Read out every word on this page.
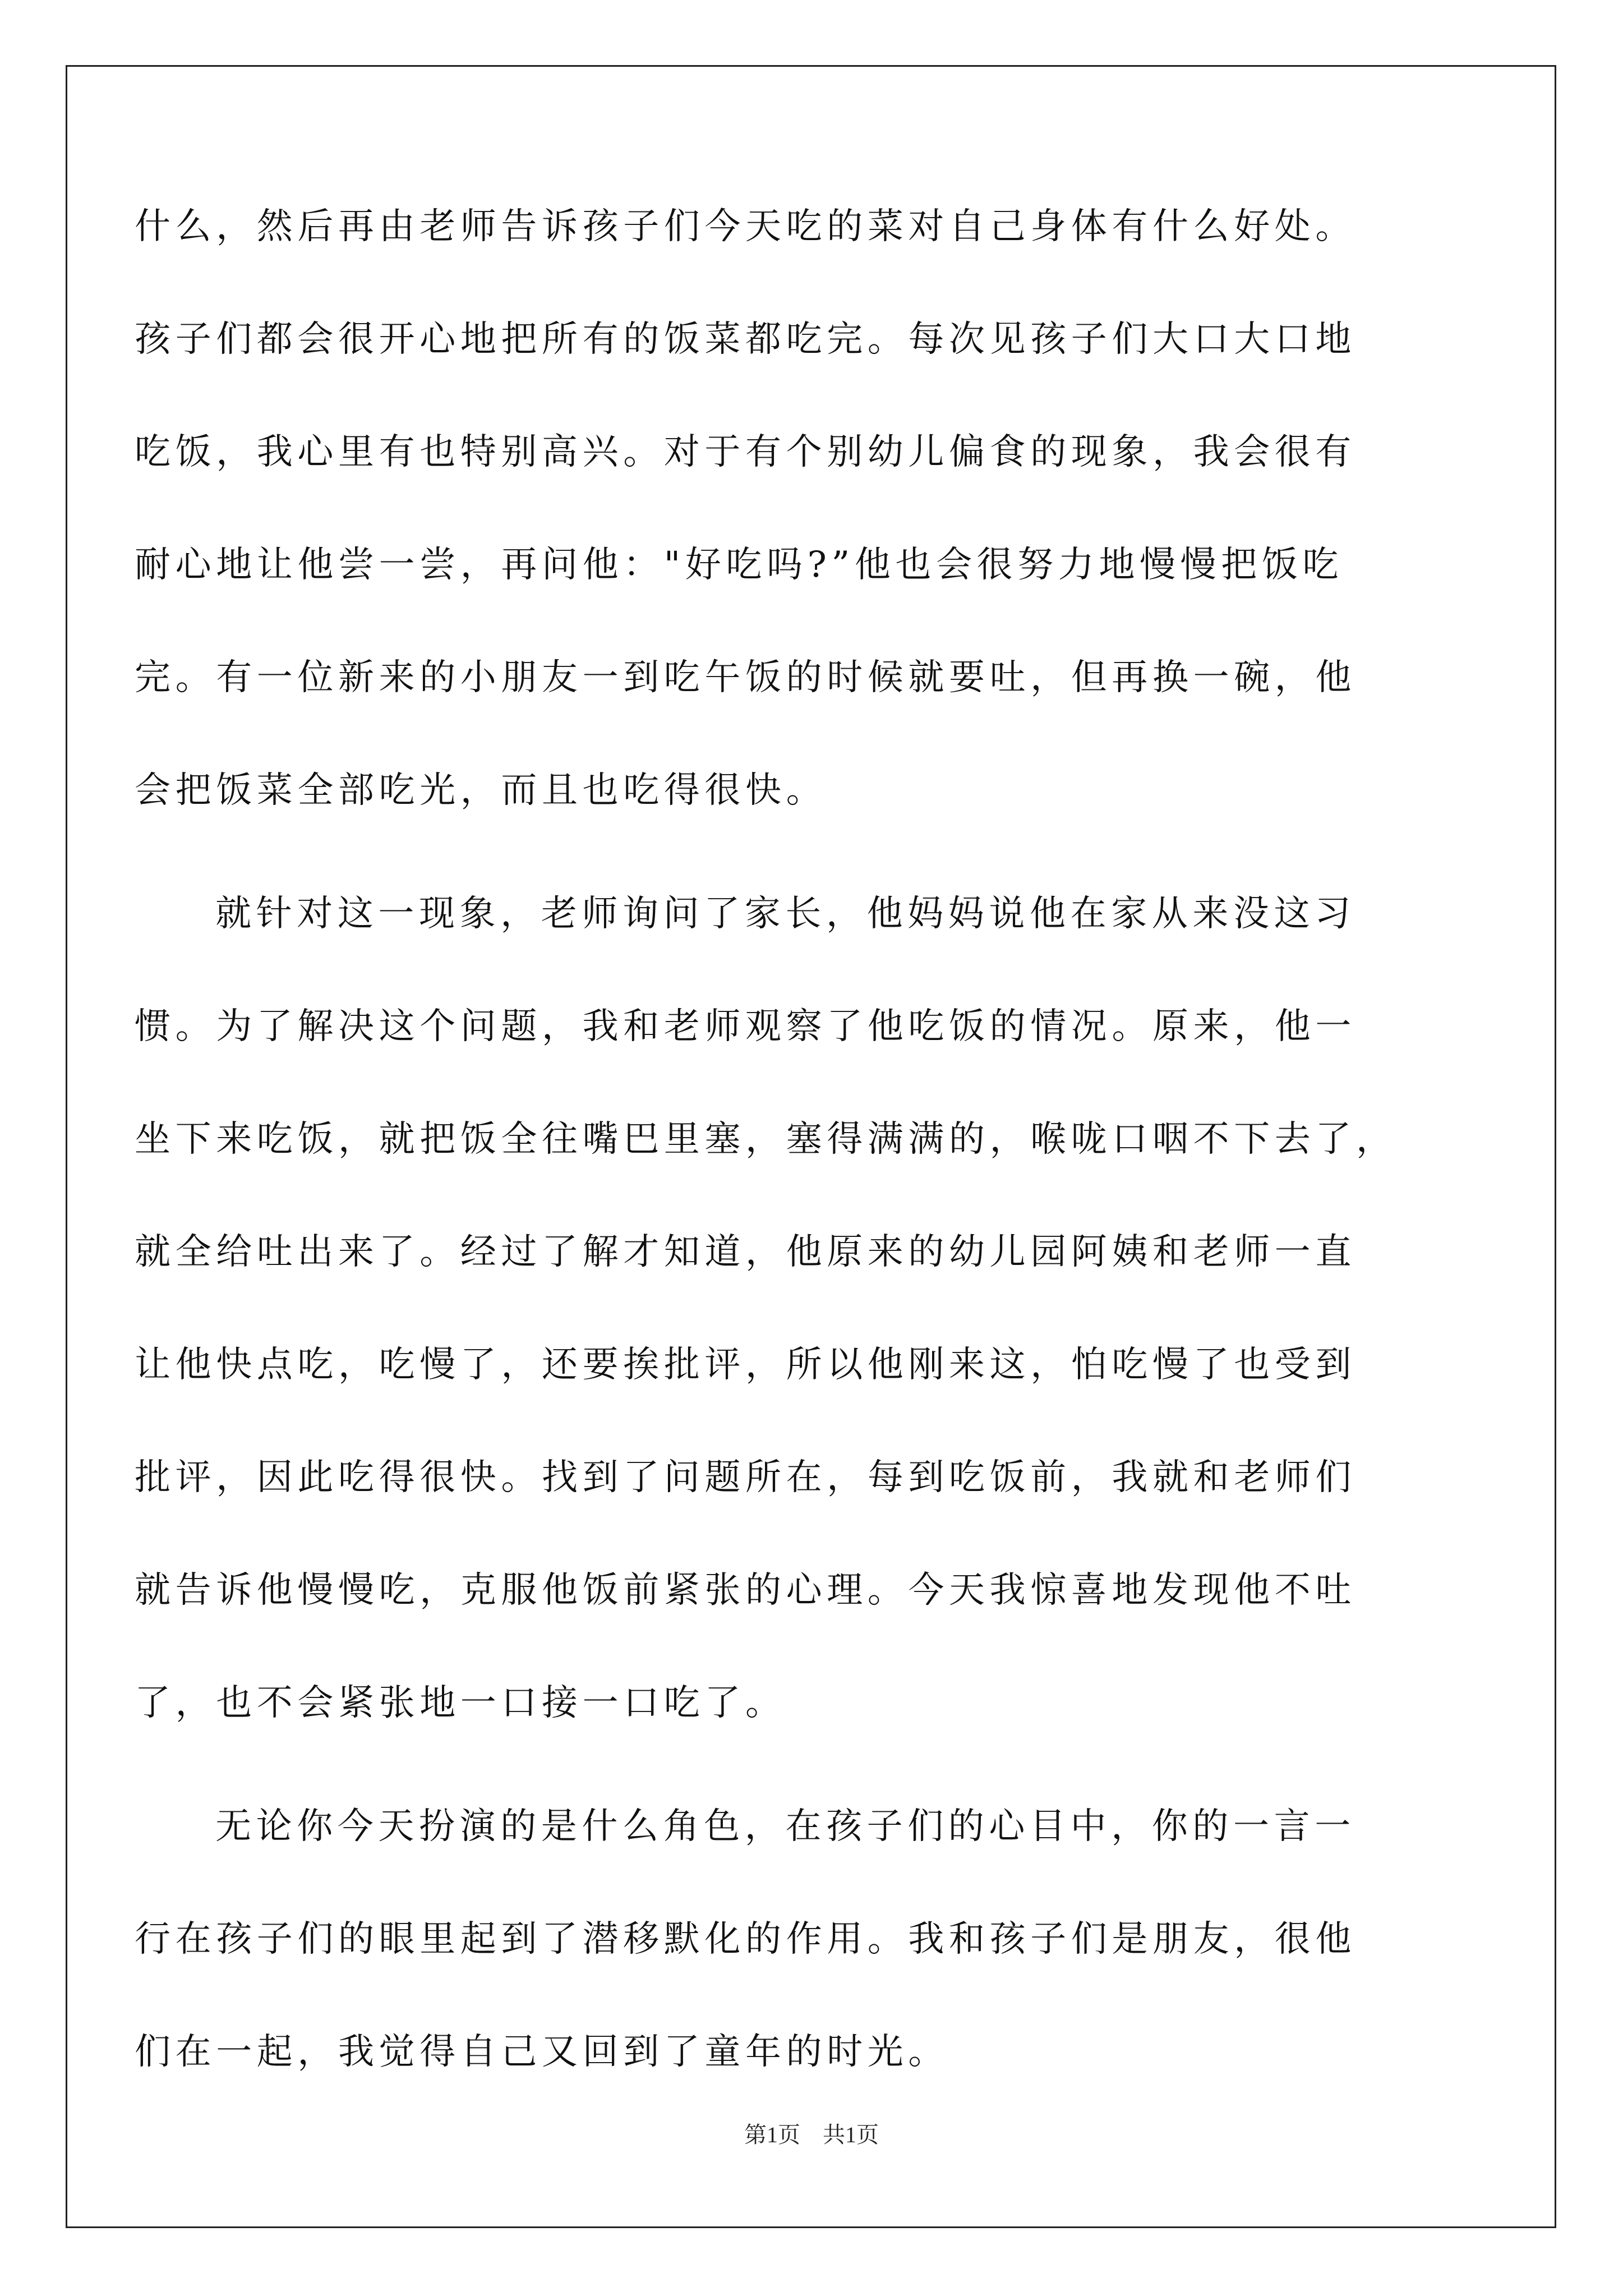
什么，然后再由老师告诉孩子们今天吃的菜对自己身体有什么好处。
孩子们都会很开心地把所有的饭菜都吃完。每次见孩子们大口大口地
吃饭，我心里有也特别高兴。对于有个别幼儿偏食的现象，我会很有
耐心地让他尝一尝，再问他："好吃吗?”他也会很努力地慢慢把饭吃
完。有一位新来的小朋友一到吃午饭的时候就要吐，但再换一碗，他
会把饭菜全部吃光，而且也吃得很快。
就针对这一现象，老师询问了家长，他妈妈说他在家从来没这习
惯。为了解决这个问题，我和老师观察了他吃饭的情况。原来，他一
坐下来吃饭，就把饭全往嘴巴里塞，塞得满满的，喉咙口咽不下去了，
就全给吐出来了。经过了解才知道，他原来的幼儿园阿姨和老师一直
让他快点吃，吃慢了，还要挨批评，所以他刚来这，怕吃慢了也受到
批评，因此吃得很快。找到了问题所在，每到吃饭前，我就和老师们
就告诉他慢慢吃，克服他饭前紧张的心理。今天我惊喜地发现他不吐
了，也不会紧张地一口接一口吃了。
无论你今天扮演的是什么角色，在孩子们的心目中，你的一言一
行在孩子们的眼里起到了潜移默化的作用。我和孩子们是朋友，很他
们在一起，我觉得自己又回到了童年的时光。
第1页　共1页
